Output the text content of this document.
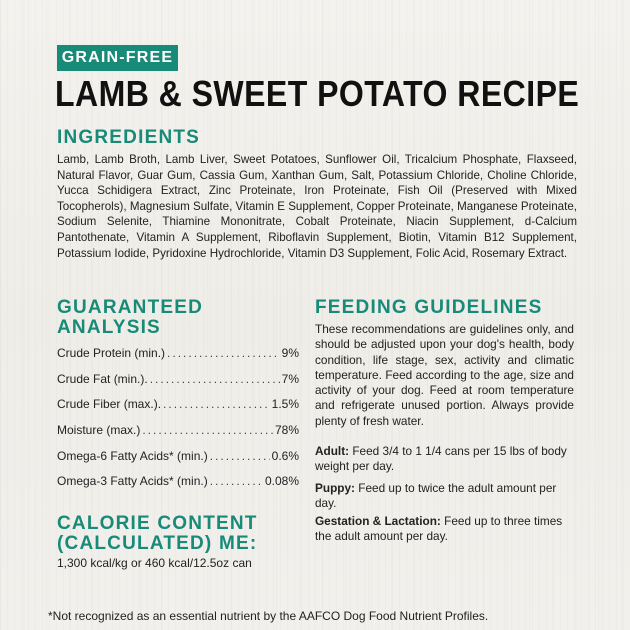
GRAIN-FREE
LAMB & SWEET POTATO RECIPE
INGREDIENTS
Lamb, Lamb Broth, Lamb Liver, Sweet Potatoes, Sunflower Oil, Tricalcium Phosphate, Flaxseed, Natural Flavor, Guar Gum, Cassia Gum, Xanthan Gum, Salt, Potassium Chloride, Choline Chloride, Yucca Schidigera Extract, Zinc Proteinate, Iron Proteinate, Fish Oil (Preserved with Mixed Tocopherols), Magnesium Sulfate, Vitamin E Supplement, Copper Proteinate, Manganese Proteinate, Sodium Selenite, Thiamine Mononitrate, Cobalt Proteinate, Niacin Supplement, d-Calcium Pantothenate, Vitamin A Supplement, Riboflavin Supplement, Biotin, Vitamin B12 Supplement, Potassium Iodide, Pyridoxine Hydrochloride, Vitamin D3 Supplement, Folic Acid, Rosemary Extract.
GUARANTEED
ANALYSIS
Crude Protein (min.) .....	9%
Crude Fat (min.). .....	7%
Crude Fiber (max.). .....	1.5%
Moisture (max.) .....	78%
Omega-6 Fatty Acids* (min.) .....	0.6%
Omega-3 Fatty Acids* (min.) .....	0.08%
CALORIE CONTENT
(CALCULATED) ME:
1,300 kcal/kg or 460 kcal/12.5oz can
FEEDING GUIDELINES
These recommendations are guidelines only, and should be adjusted upon your dog's health, body condition, life stage, sex, activity and climatic temperature. Feed according to the age, size and activity of your dog. Feed at room temperature and refrigerate unused portion. Always provide plenty of fresh water.
Adult: Feed 3/4 to 1 1/4 cans per 15 lbs of body weight per day.
Puppy: Feed up to twice the adult amount per day.
Gestation & Lactation: Feed up to three times the adult amount per day.
*Not recognized as an essential nutrient by the AAFCO Dog Food Nutrient Profiles.
